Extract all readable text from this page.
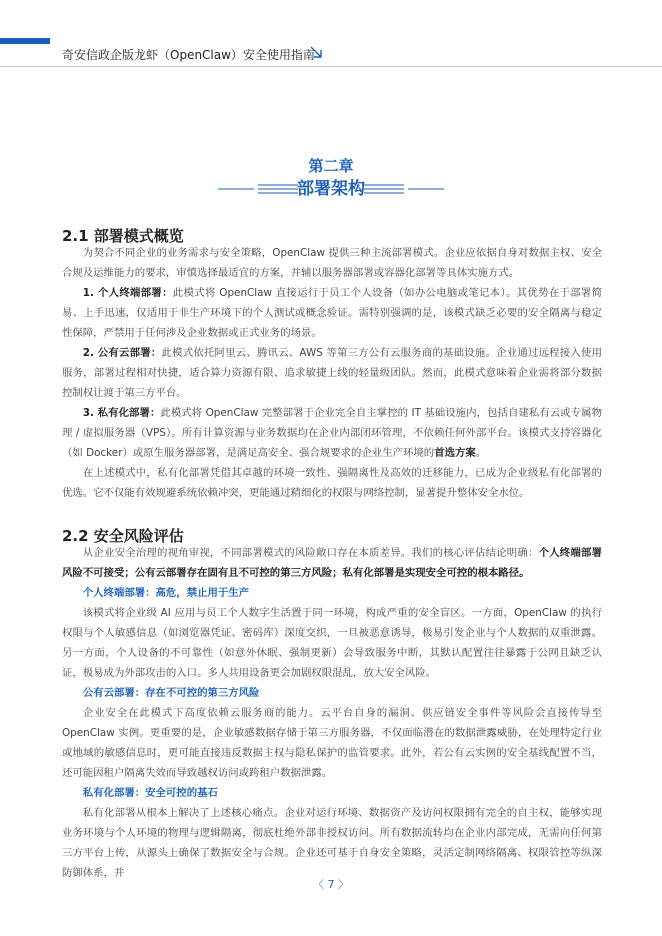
奇安信政企版龙虾（OpenClaw）安全使用指南
第二章
部署架构
2.1 部署模式概览

为契合不同企业的业务需求与安全策略，OpenClaw 提供三种主流部署模式。企业应依据自身对数据主权、安全合规及运维能力的要求，审慎选择最适宜的方案，并辅以服务器部署或容器化部署等具体实施方式。

1. 个人终端部署：此模式将 OpenClaw 直接运行于员工个人设备（如办公电脑或笔记本）。其优势在于部署简易、上手迅速，仅适用于非生产环境下的个人测试或概念验证。需特别强调的是，该模式缺乏必要的安全隔离与稳定性保障，严禁用于任何涉及企业数据或正式业务的场景。

2. 公有云部署：此模式依托阿里云、腾讯云、AWS 等第三方公有云服务商的基础设施。企业通过远程接入使用服务，部署过程相对快捷，适合算力资源有限、追求敏捷上线的轻量级团队。然而，此模式意味着企业需将部分数据控制权让渡于第三方平台。

3. 私有化部署：此模式将 OpenClaw 完整部署于企业完全自主掌控的 IT 基础设施内，包括自建私有云或专属物理 / 虚拟服务器（VPS）。所有计算资源与业务数据均在企业内部闭环管理，不依赖任何外部平台。该模式支持容器化（如 Docker）或原生服务器部署，是满足高安全、强合规要求的企业生产环境的首选方案。

在上述模式中，私有化部署凭借其卓越的环境一致性、强隔离性及高效的迁移能力，已成为企业级私有化部署的优选。它不仅能有效规避系统依赖冲突，更能通过精细化的权限与网络控制，显著提升整体安全水位。

2.2 安全风险评估

从企业安全治理的视角审视，不同部署模式的风险敞口存在本质差异。我们的核心评估结论明确：个人终端部署风险不可接受；公有云部署存在固有且不可控的第三方风险；私有化部署是实现安全可控的根本路径。

个人终端部署：高危，禁止用于生产

该模式将企业级 AI 应用与员工个人数字生活置于同一环境，构成严重的安全盲区。一方面，OpenClaw 的执行权限与个人敏感信息（如浏览器凭证、密码库）深度交织，一旦被恶意诱导，极易引发企业与个人数据的双重泄露。另一方面，个人设备的不可靠性（如意外休眠、强制更新）会导致服务中断，其默认配置往往暴露于公网且缺乏认证，极易成为外部攻击的入口。多人共用设备更会加剧权限混乱，放大安全风险。

公有云部署：存在不可控的第三方风险

企业安全在此模式下高度依赖云服务商的能力。云平台自身的漏洞、供应链安全事件等风险会直接传导至 OpenClaw 实例。更重要的是，企业敏感数据存储于第三方服务器，不仅面临潜在的数据泄露威胁，在处理特定行业或地域的敏感信息时，更可能直接违反数据主权与隐私保护的监管要求。此外，若公有云实例的安全基线配置不当，还可能因租户隔离失效而导致越权访问或跨租户数据泄露。

私有化部署：安全可控的基石

私有化部署从根本上解决了上述核心痛点。企业对运行环境、数据资产及访问权限拥有完全的自主权，能够实现业务环境与个人环境的物理与逻辑隔离，彻底杜绝外部非授权访问。所有数据流转均在企业内部完成，无需向任何第三方平台上传，从源头上确保了数据安全与合规。企业还可基于自身安全策略，灵活定制网络隔离、权限管控等纵深防御体系，并

〈 7 〉
